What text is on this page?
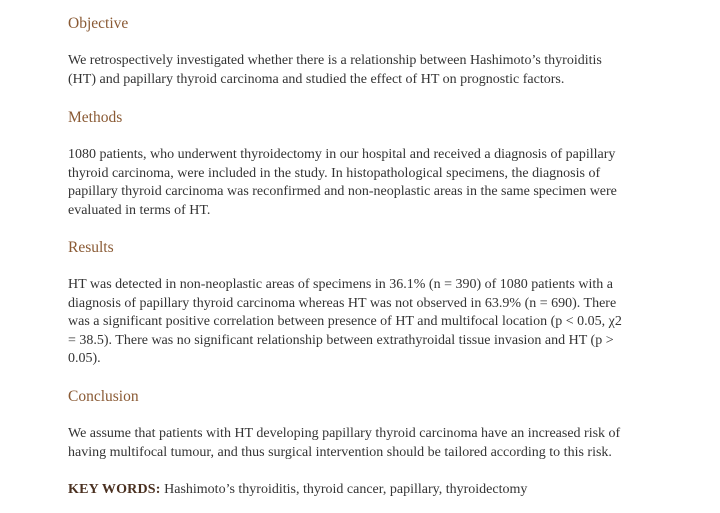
Objective

We retrospectively investigated whether there is a relationship between Hashimoto’s thyroiditis
(HT) and papillary thyroid carcinoma and studied the effect of HT on prognostic factors.

Methods

1080 patients, who underwent thyroidectomy in our hospital and received a diagnosis of papillary
thyroid carcinoma, were included in the study. In histopathological specimens, the diagnosis of
papillary thyroid carcinoma was reconfirmed and non-neoplastic areas in the same specimen were
evaluated in terms of HT.

Results

HT was detected in non-neoplastic areas of specimens in 36.1% (n = 390) of 1080 patients with a
diagnosis of papillary thyroid carcinoma whereas HT was not observed in 63.9% (n = 690). There
was a significant positive correlation between presence of HT and multifocal location (p < 0.05, χ2
= 38.5). There was no significant relationship between extrathyroidal tissue invasion and HT (p >
0.05).

Conclusion

We assume that patients with HT developing papillary thyroid carcinoma have an increased risk of
having multifocal tumour, and thus surgical intervention should be tailored according to this risk.

KEY WORDS: Hashimoto’s thyroiditis, thyroid cancer, papillary, thyroidectomy
